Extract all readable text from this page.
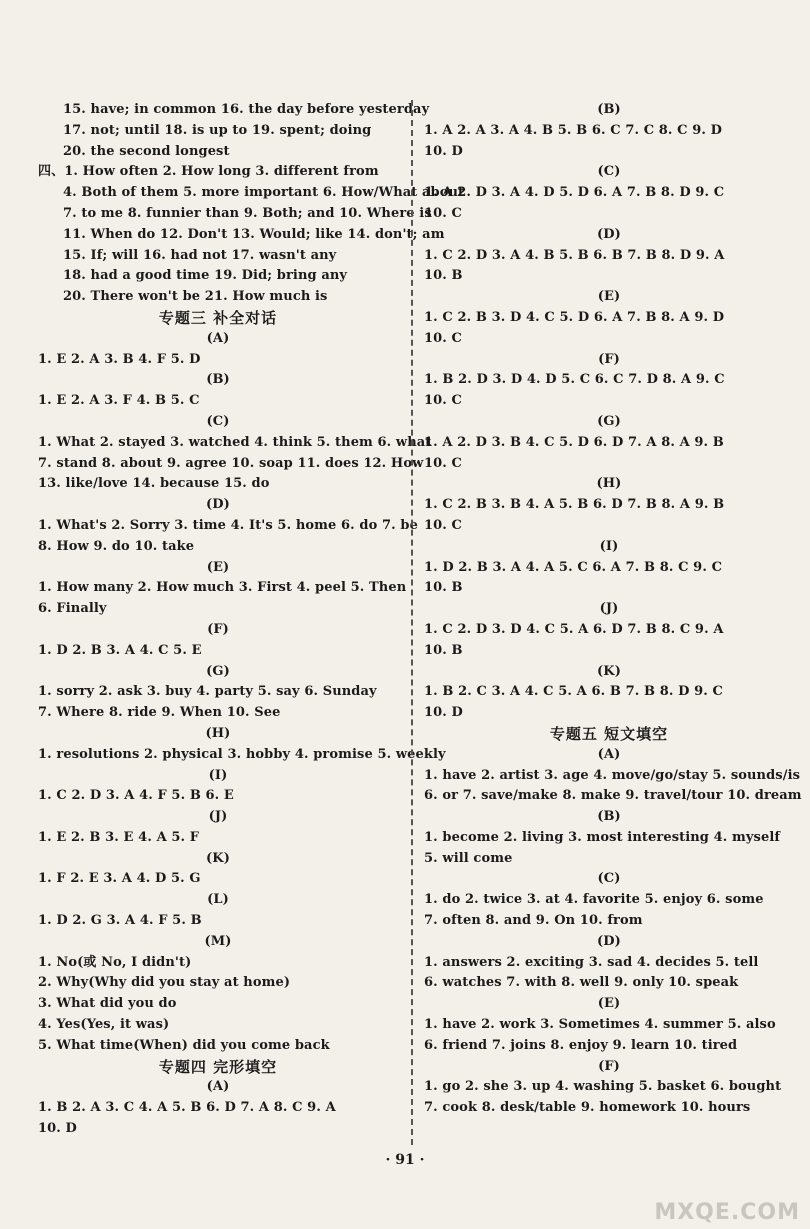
15. have; in common 16. the day before yesterday
17. not; until 18. is up to 19. spent; doing
20. the second longest
四、1. How often 2. How long 3. different from
4. Both of them 5. more important 6. How/What about
7. to me 8. funnier than 9. Both; and 10. Where is
11. When do 12. Don't 13. Would; like 14. don't; am
15. If; will 16. had not 17. wasn't any
18. had a good time 19. Did; bring any
20. There won't be 21. How much is
专题三 补全对话
(A)
1. E 2. A 3. B 4. F 5. D
(B)
1. E 2. A 3. F 4. B 5. C
(C)
1. What 2. stayed 3. watched 4. think 5. them 6. what
7. stand 8. about 9. agree 10. soap 11. does 12. How
13. like/love 14. because 15. do
(D)
1. What's 2. Sorry 3. time 4. It's 5. home 6. do 7. be
8. How 9. do 10. take
(E)
1. How many 2. How much 3. First 4. peel 5. Then
6. Finally
(F)
1. D 2. B 3. A 4. C 5. E
(G)
1. sorry 2. ask 3. buy 4. party 5. say 6. Sunday
7. Where 8. ride 9. When 10. See
(H)
1. resolutions 2. physical 3. hobby 4. promise 5. weekly
(I)
1. C 2. D 3. A 4. F 5. B 6. E
(J)
1. E 2. B 3. E 4. A 5. F
(K)
1. F 2. E 3. A 4. D 5. G
(L)
1. D 2. G 3. A 4. F 5. B
(M)
1. No(或 No, I didn't)
2. Why(Why did you stay at home)
3. What did you do
4. Yes(Yes, it was)
5. What time(When) did you come back
专题四 完形填空
(A)
1. B 2. A 3. C 4. A 5. B 6. D 7. A 8. C 9. A
10. D
(B)
1. A 2. A 3. A 4. B 5. B 6. C 7. C 8. C 9. D
10. D
(C)
1. A 2. D 3. A 4. D 5. D 6. A 7. B 8. D 9. C
10. C
(D)
1. C 2. D 3. A 4. B 5. B 6. B 7. B 8. D 9. A
10. B
(E)
1. C 2. B 3. D 4. C 5. D 6. A 7. B 8. A 9. D
10. C
(F)
1. B 2. D 3. D 4. D 5. C 6. C 7. D 8. A 9. C
10. C
(G)
1. A 2. D 3. B 4. C 5. D 6. D 7. A 8. A 9. B
10. C
(H)
1. C 2. B 3. B 4. A 5. B 6. D 7. B 8. A 9. B
10. C
(I)
1. D 2. B 3. A 4. A 5. C 6. A 7. B 8. C 9. C
10. B
(J)
1. C 2. D 3. D 4. C 5. A 6. D 7. B 8. C 9. A
10. B
(K)
1. B 2. C 3. A 4. C 5. A 6. B 7. B 8. D 9. C
10. D
专题五 短文填空
(A)
1. have 2. artist 3. age 4. move/go/stay 5. sounds/is
6. or 7. save/make 8. make 9. travel/tour 10. dream
(B)
1. become 2. living 3. most interesting 4. myself
5. will come
(C)
1. do 2. twice 3. at 4. favorite 5. enjoy 6. some
7. often 8. and 9. On 10. from
(D)
1. answers 2. exciting 3. sad 4. decides 5. tell
6. watches 7. with 8. well 9. only 10. speak
(E)
1. have 2. work 3. Sometimes 4. summer 5. also
6. friend 7. joins 8. enjoy 9. learn 10. tired
(F)
1. go 2. she 3. up 4. washing 5. basket 6. bought
7. cook 8. desk/table 9. homework 10. hours
· 91 ·
MXQE.COM
